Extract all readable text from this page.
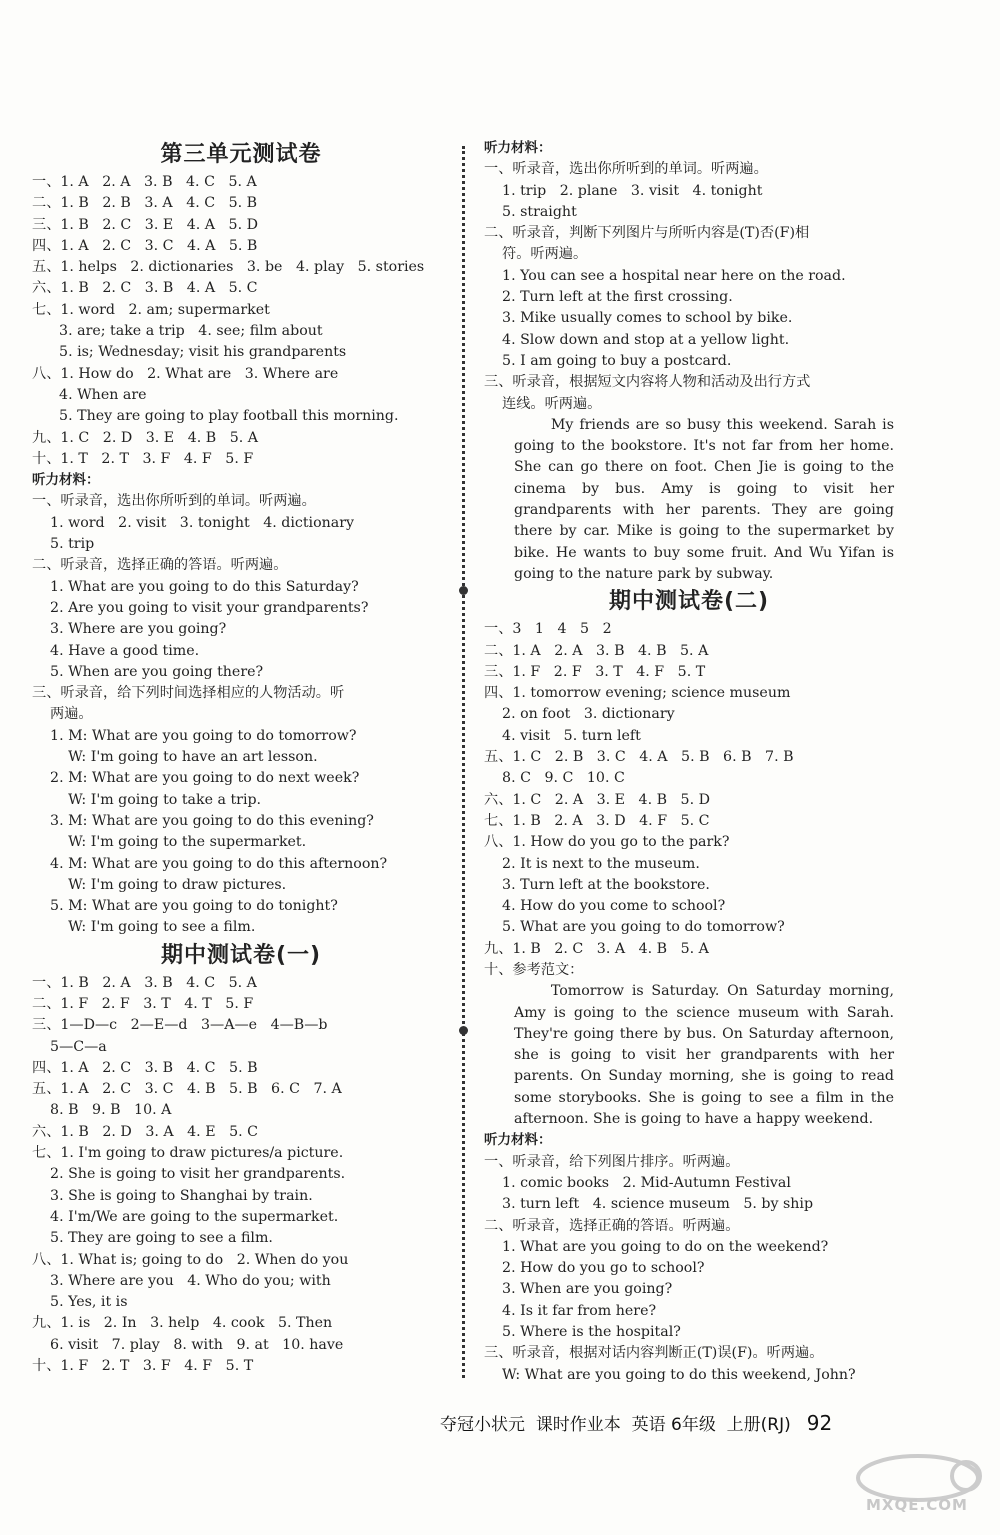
第三单元测试卷
一、1. A   2. A   3. B   4. C   5. A
二、1. B   2. B   3. A   4. C   5. B
三、1. B   2. C   3. E   4. A   5. D
四、1. A   2. C   3. C   4. A   5. B
五、1. helps   2. dictionaries   3. be   4. play   5. stories
六、1. B   2. C   3. B   4. A   5. C
七、1. word   2. am; supermarket
3. are; take a trip   4. see; film about
5. is; Wednesday; visit his grandparents
八、1. How do   2. What are   3. Where are
4. When are
5. They are going to play football this morning.
九、1. C   2. D   3. E   4. B   5. A
十、1. T   2. T   3. F   4. F   5. F
听力材料：
一、听录音，选出你所听到的单词。听两遍。
1. word   2. visit   3. tonight   4. dictionary
5. trip
二、听录音，选择正确的答语。听两遍。
1. What are you going to do this Saturday?
2. Are you going to visit your grandparents?
3. Where are you going?
4. Have a good time.
5. When are you going there?
三、听录音，给下列时间选择相应的人物活动。听
两遍。
1. M: What are you going to do tomorrow?
W: I'm going to have an art lesson.
2. M: What are you going to do next week?
W: I'm going to take a trip.
3. M: What are you going to do this evening?
W: I'm going to the supermarket.
4. M: What are you going to do this afternoon?
W: I'm going to draw pictures.
5. M: What are you going to do tonight?
W: I'm going to see a film.
期中测试卷(一)
一、1. B   2. A   3. B   4. C   5. A
二、1. F   2. F   3. T   4. T   5. F
三、1—D—c   2—E—d   3—A—e   4—B—b
5—C—a
四、1. A   2. C   3. B   4. C   5. B
五、1. A   2. C   3. C   4. B   5. B   6. C   7. A
8. B   9. B   10. A
六、1. B   2. D   3. A   4. E   5. C
七、1. I'm going to draw pictures/a picture.
2. She is going to visit her grandparents.
3. She is going to Shanghai by train.
4. I'm/We are going to the supermarket.
5. They are going to see a film.
八、1. What is; going to do   2. When do you
3. Where are you   4. Who do you; with
5. Yes, it is
九、1. is   2. In   3. help   4. cook   5. Then
6. visit   7. play   8. with   9. at   10. have
十、1. F   2. T   3. F   4. F   5. T
听力材料：
一、听录音，选出你所听到的单词。听两遍。
1. trip   2. plane   3. visit   4. tonight
5. straight
二、听录音，判断下列图片与所听内容是(T)否(F)相
符。听两遍。
1. You can see a hospital near here on the road.
2. Turn left at the first crossing.
3. Mike usually comes to school by bike.
4. Slow down and stop at a yellow light.
5. I am going to buy a postcard.
三、听录音，根据短文内容将人物和活动及出行方式
连线。听两遍。
My friends are so busy this weekend. Sarah is going to the bookstore. It's not far from her home. She can go there on foot. Chen Jie is going to the cinema by bus. Amy is going to visit her grandparents with her parents. They are going there by car. Mike is going to the supermarket by bike. He wants to buy some fruit. And Wu Yifan is going to the nature park by subway.
期中测试卷(二)
一、3   1   4   5   2
二、1. A   2. A   3. B   4. B   5. A
三、1. F   2. F   3. T   4. F   5. T
四、1. tomorrow evening; science museum
2. on foot   3. dictionary
4. visit   5. turn left
五、1. C   2. B   3. C   4. A   5. B   6. B   7. B
8. C   9. C   10. C
六、1. C   2. A   3. E   4. B   5. D
七、1. B   2. A   3. D   4. F   5. C
八、1. How do you go to the park?
2. It is next to the museum.
3. Turn left at the bookstore.
4. How do you come to school?
5. What are you going to do tomorrow?
九、1. B   2. C   3. A   4. B   5. A
十、参考范文：
Tomorrow is Saturday. On Saturday morning, Amy is going to the science museum with Sarah. They're going there by bus. On Saturday afternoon, she is going to visit her grandparents with her parents. On Sunday morning, she is going to read some storybooks. She is going to see a film in the afternoon. She is going to have a happy weekend.
听力材料：
一、听录音，给下列图片排序。听两遍。
1. comic books   2. Mid-Autumn Festival
3. turn left   4. science museum   5. by ship
二、听录音，选择正确的答语。听两遍。
1. What are you going to do on the weekend?
2. How do you go to school?
3. When are you going?
4. Is it far from here?
5. Where is the hospital?
三、听录音，根据对话内容判断正(T)误(F)。听两遍。
W: What are you going to do this weekend, John?
夺冠小状元 课时作业本 英语 6年级 上册(RJ) 92
MXQE.COM
